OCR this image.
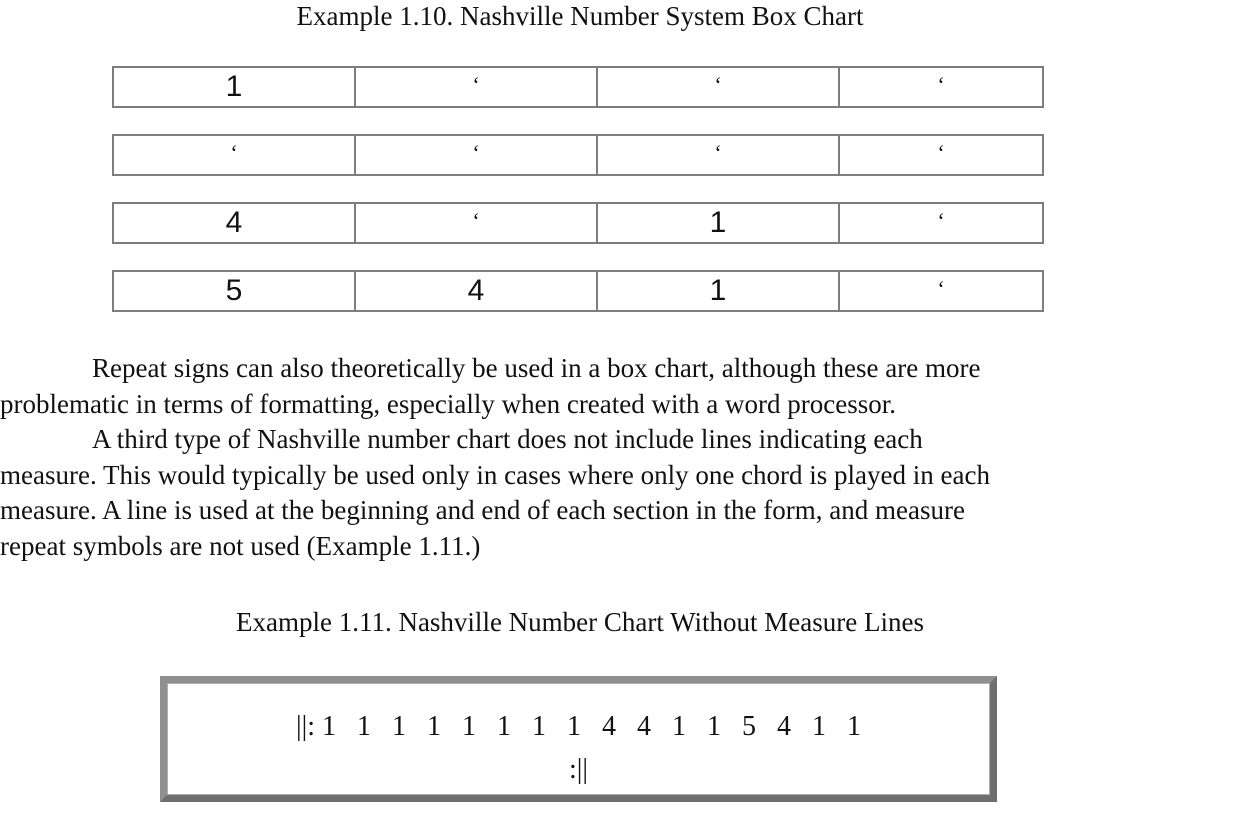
Example 1.10. Nashville Number System Box Chart
1	ʻ	ʻ	ʻ
ʻ	ʻ	ʻ	ʻ
4	ʻ	1	ʻ
5	4	1	ʻ
Repeat signs can also theoretically be used in a box chart, although these are more
problematic in terms of formatting, especially when created with a word processor.
A third type of Nashville number chart does not include lines indicating each
measure. This would typically be used only in cases where only one chord is played in each
measure. A line is used at the beginning and end of each section in the form, and measure
repeat symbols are not used (Example 1.11.)
Example 1.11. Nashville Number Chart Without Measure Lines
||: 1   1   1   1   1   1   1   1   4   4   1   1   5   4   1   1
:||
